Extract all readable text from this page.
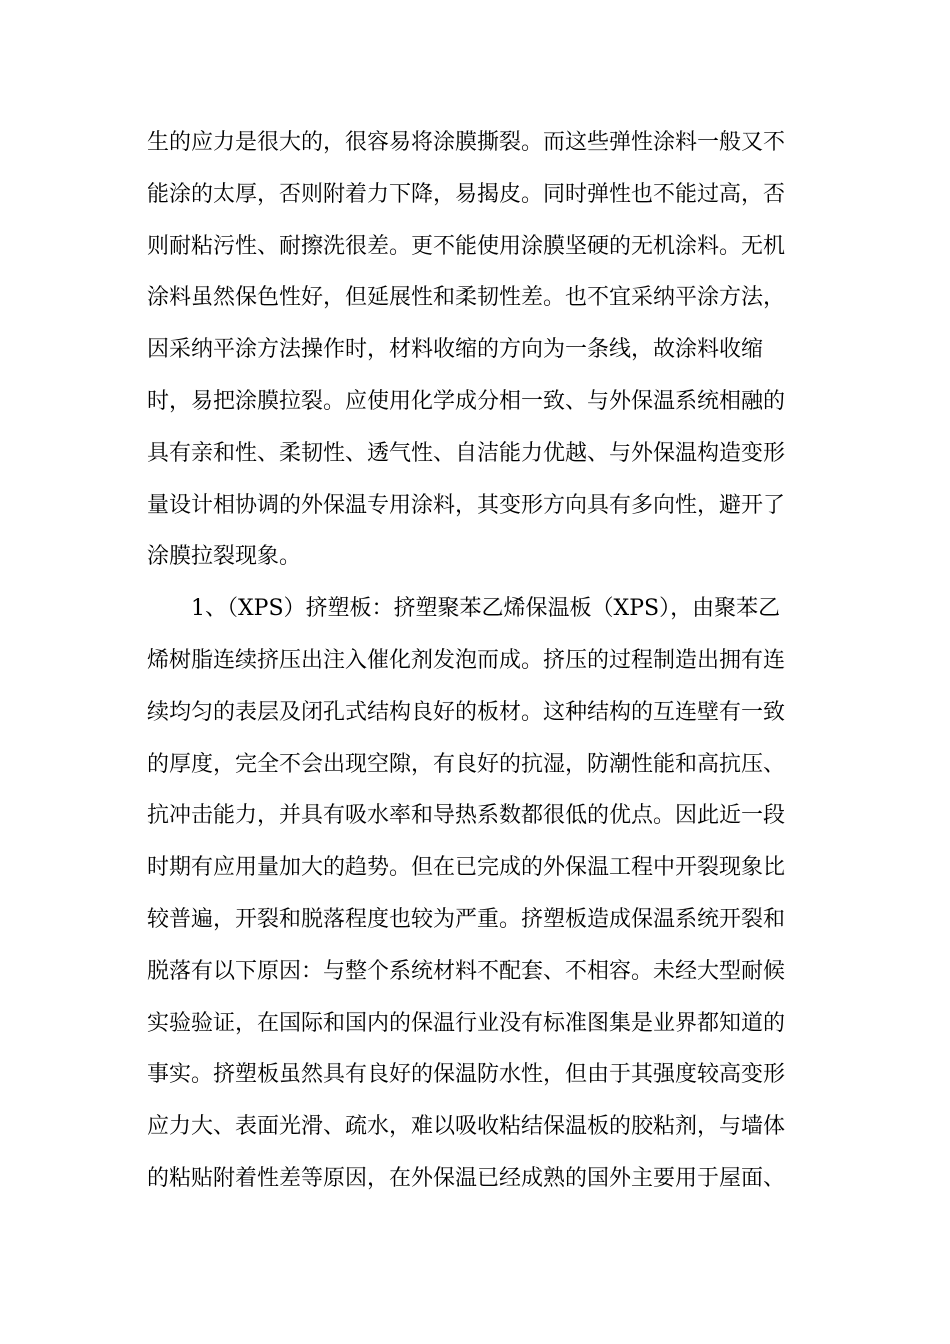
生的应力是很大的，很容易将涂膜撕裂。而这些弹性涂料一般又不
能涂的太厚，否则附着力下降，易揭皮。同时弹性也不能过高，否
则耐粘污性、耐擦洗很差。更不能使用涂膜坚硬的无机涂料。无机
涂料虽然保色性好，但延展性和柔韧性差。也不宜采纳平涂方法，
因采纳平涂方法操作时，材料收缩的方向为一条线，故涂料收缩
时，易把涂膜拉裂。应使用化学成分相一致、与外保温系统相融的
具有亲和性、柔韧性、透气性、自洁能力优越、与外保温构造变形
量设计相协调的外保温专用涂料，其变形方向具有多向性，避开了
涂膜拉裂现象。
1、（XPS）挤塑板：挤塑聚苯乙烯保温板（XPS），由聚苯乙
烯树脂连续挤压出注入催化剂发泡而成。挤压的过程制造出拥有连
续均匀的表层及闭孔式结构良好的板材。这种结构的互连壁有一致
的厚度，完全不会出现空隙，有良好的抗湿，防潮性能和高抗压、
抗冲击能力，并具有吸水率和导热系数都很低的优点。因此近一段
时期有应用量加大的趋势。但在已完成的外保温工程中开裂现象比
较普遍，开裂和脱落程度也较为严重。挤塑板造成保温系统开裂和
脱落有以下原因：与整个系统材料不配套、不相容。未经大型耐候
实验验证，在国际和国内的保温行业没有标准图集是业界都知道的
事实。挤塑板虽然具有良好的保温防水性，但由于其强度较高变形
应力大、表面光滑、疏水，难以吸收粘结保温板的胶粘剂，与墙体
的粘贴附着性差等原因，在外保温已经成熟的国外主要用于屋面、
